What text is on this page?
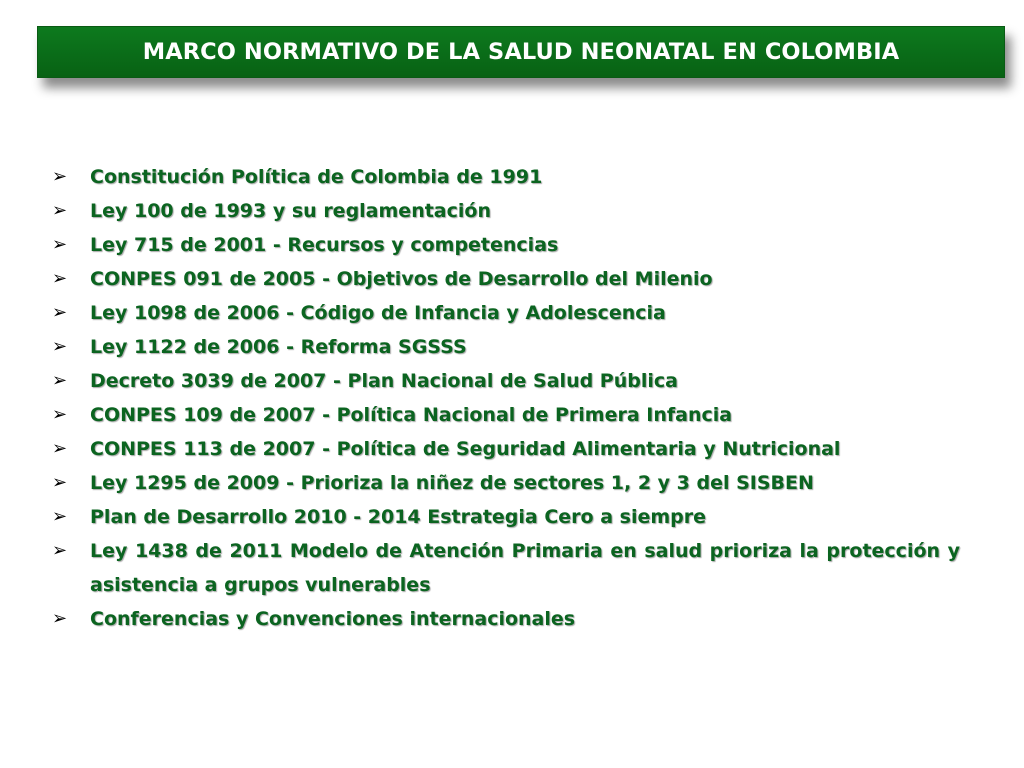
MARCO NORMATIVO DE LA SALUD NEONATAL EN COLOMBIA
➢	Constitución Política de Colombia de 1991
➢	Ley 100 de 1993 y su reglamentación
➢	Ley 715 de 2001 - Recursos y competencias
➢	CONPES 091 de 2005 - Objetivos de Desarrollo del Milenio
➢	Ley 1098 de 2006 - Código de Infancia y Adolescencia
➢	Ley 1122 de 2006 - Reforma SGSSS
➢	Decreto 3039 de 2007 - Plan Nacional de Salud Pública
➢	CONPES 109 de 2007 - Política Nacional de Primera Infancia
➢	CONPES 113 de 2007 - Política de Seguridad Alimentaria y Nutricional
➢	Ley 1295 de 2009 - Prioriza la niñez de sectores 1, 2 y 3 del SISBEN
➢	Plan de Desarrollo 2010 - 2014 Estrategia Cero a siempre
➢	Ley 1438 de 2011 Modelo de Atención Primaria en salud prioriza la protección y asistencia a grupos vulnerables
➢	Conferencias y Convenciones internacionales
